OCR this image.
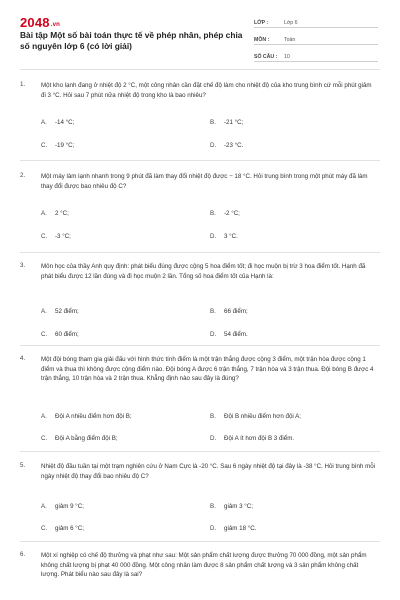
2048.vn
Bài tập Một số bài toán thực tế về phép nhân, phép chia số nguyên lớp 6 (có lời giải)
LỚP :	Lớp 6
MÔN :	Toán
SỐ CÂU :	10
1.	Một kho lạnh đang ở nhiệt độ 2 °C, một công nhân cần đặt chế độ làm cho nhiệt độ của kho trung bình cứ mỗi phút giảm đi 3 °C. Hỏi sau 7 phút nữa nhiệt độ trong kho là bao nhiêu?
A. -14 °C;	B. -21 °C;
C. -19 °C;	D. -23 °C.
2.	Một máy làm lạnh nhanh trong 9 phút đã làm thay đổi nhiệt độ được − 18 °C. Hỏi trung bình trong một phút máy đã làm thay đổi được bao nhiêu độ C?
A. 2 °C;	B. -2 °C;
C. -3 °C;	D. 3 °C.
3.	Môn học của thầy Anh quy định: phát biểu đúng được cộng 5 hoa điểm tốt; đi học muộn bị trừ 3 hoa điểm tốt. Hạnh đã phát biểu được 12 lần đúng và đi học muộn 2 lần. Tổng số hoa điểm tốt của Hạnh là:
A. 52 điểm;	B. 66 điểm;
C. 60 điểm;	D. 54 điểm.
4.	Một đội bóng tham gia giải đấu với hình thức tính điểm là một trận thắng được cộng 3 điểm, một trận hòa được cộng 1 điểm và thua thì không được cộng điểm nào. Đội bóng A được 6 trận thắng, 7 trận hòa và 3 trận thua. Đội bóng B được 4 trận thắng, 10 trận hòa và 2 trận thua. Khẳng định nào sau đây là đúng?
A. Đội A nhiều điểm hơn đội B;	B. Đội B nhiều điểm hơn đội A;
C. Đội A bằng điểm đội B;	D. Đội A ít hơn đội B 3 điểm.
5.	Nhiệt độ đầu tuần tại một trạm nghiên cứu ở Nam Cực là -20 °C. Sau 6 ngày nhiệt độ tại đây là -38 °C. Hỏi trung bình mỗi ngày nhiệt độ thay đổi bao nhiêu độ C?
A. giảm 9 °C;	B. giảm 3 °C;
C. giảm 6 °C;	D. giảm 18 °C.
6.	Một xí nghiệp có chế độ thưởng và phạt như sau: Một sản phẩm chất lượng được thưởng 70 000 đồng, một sản phẩm không chất lượng bị phạt 40 000 đồng. Một công nhân làm được 8 sản phẩm chất lượng và 3 sản phẩm không chất lượng. Phát biểu nào sau đây là sai?
